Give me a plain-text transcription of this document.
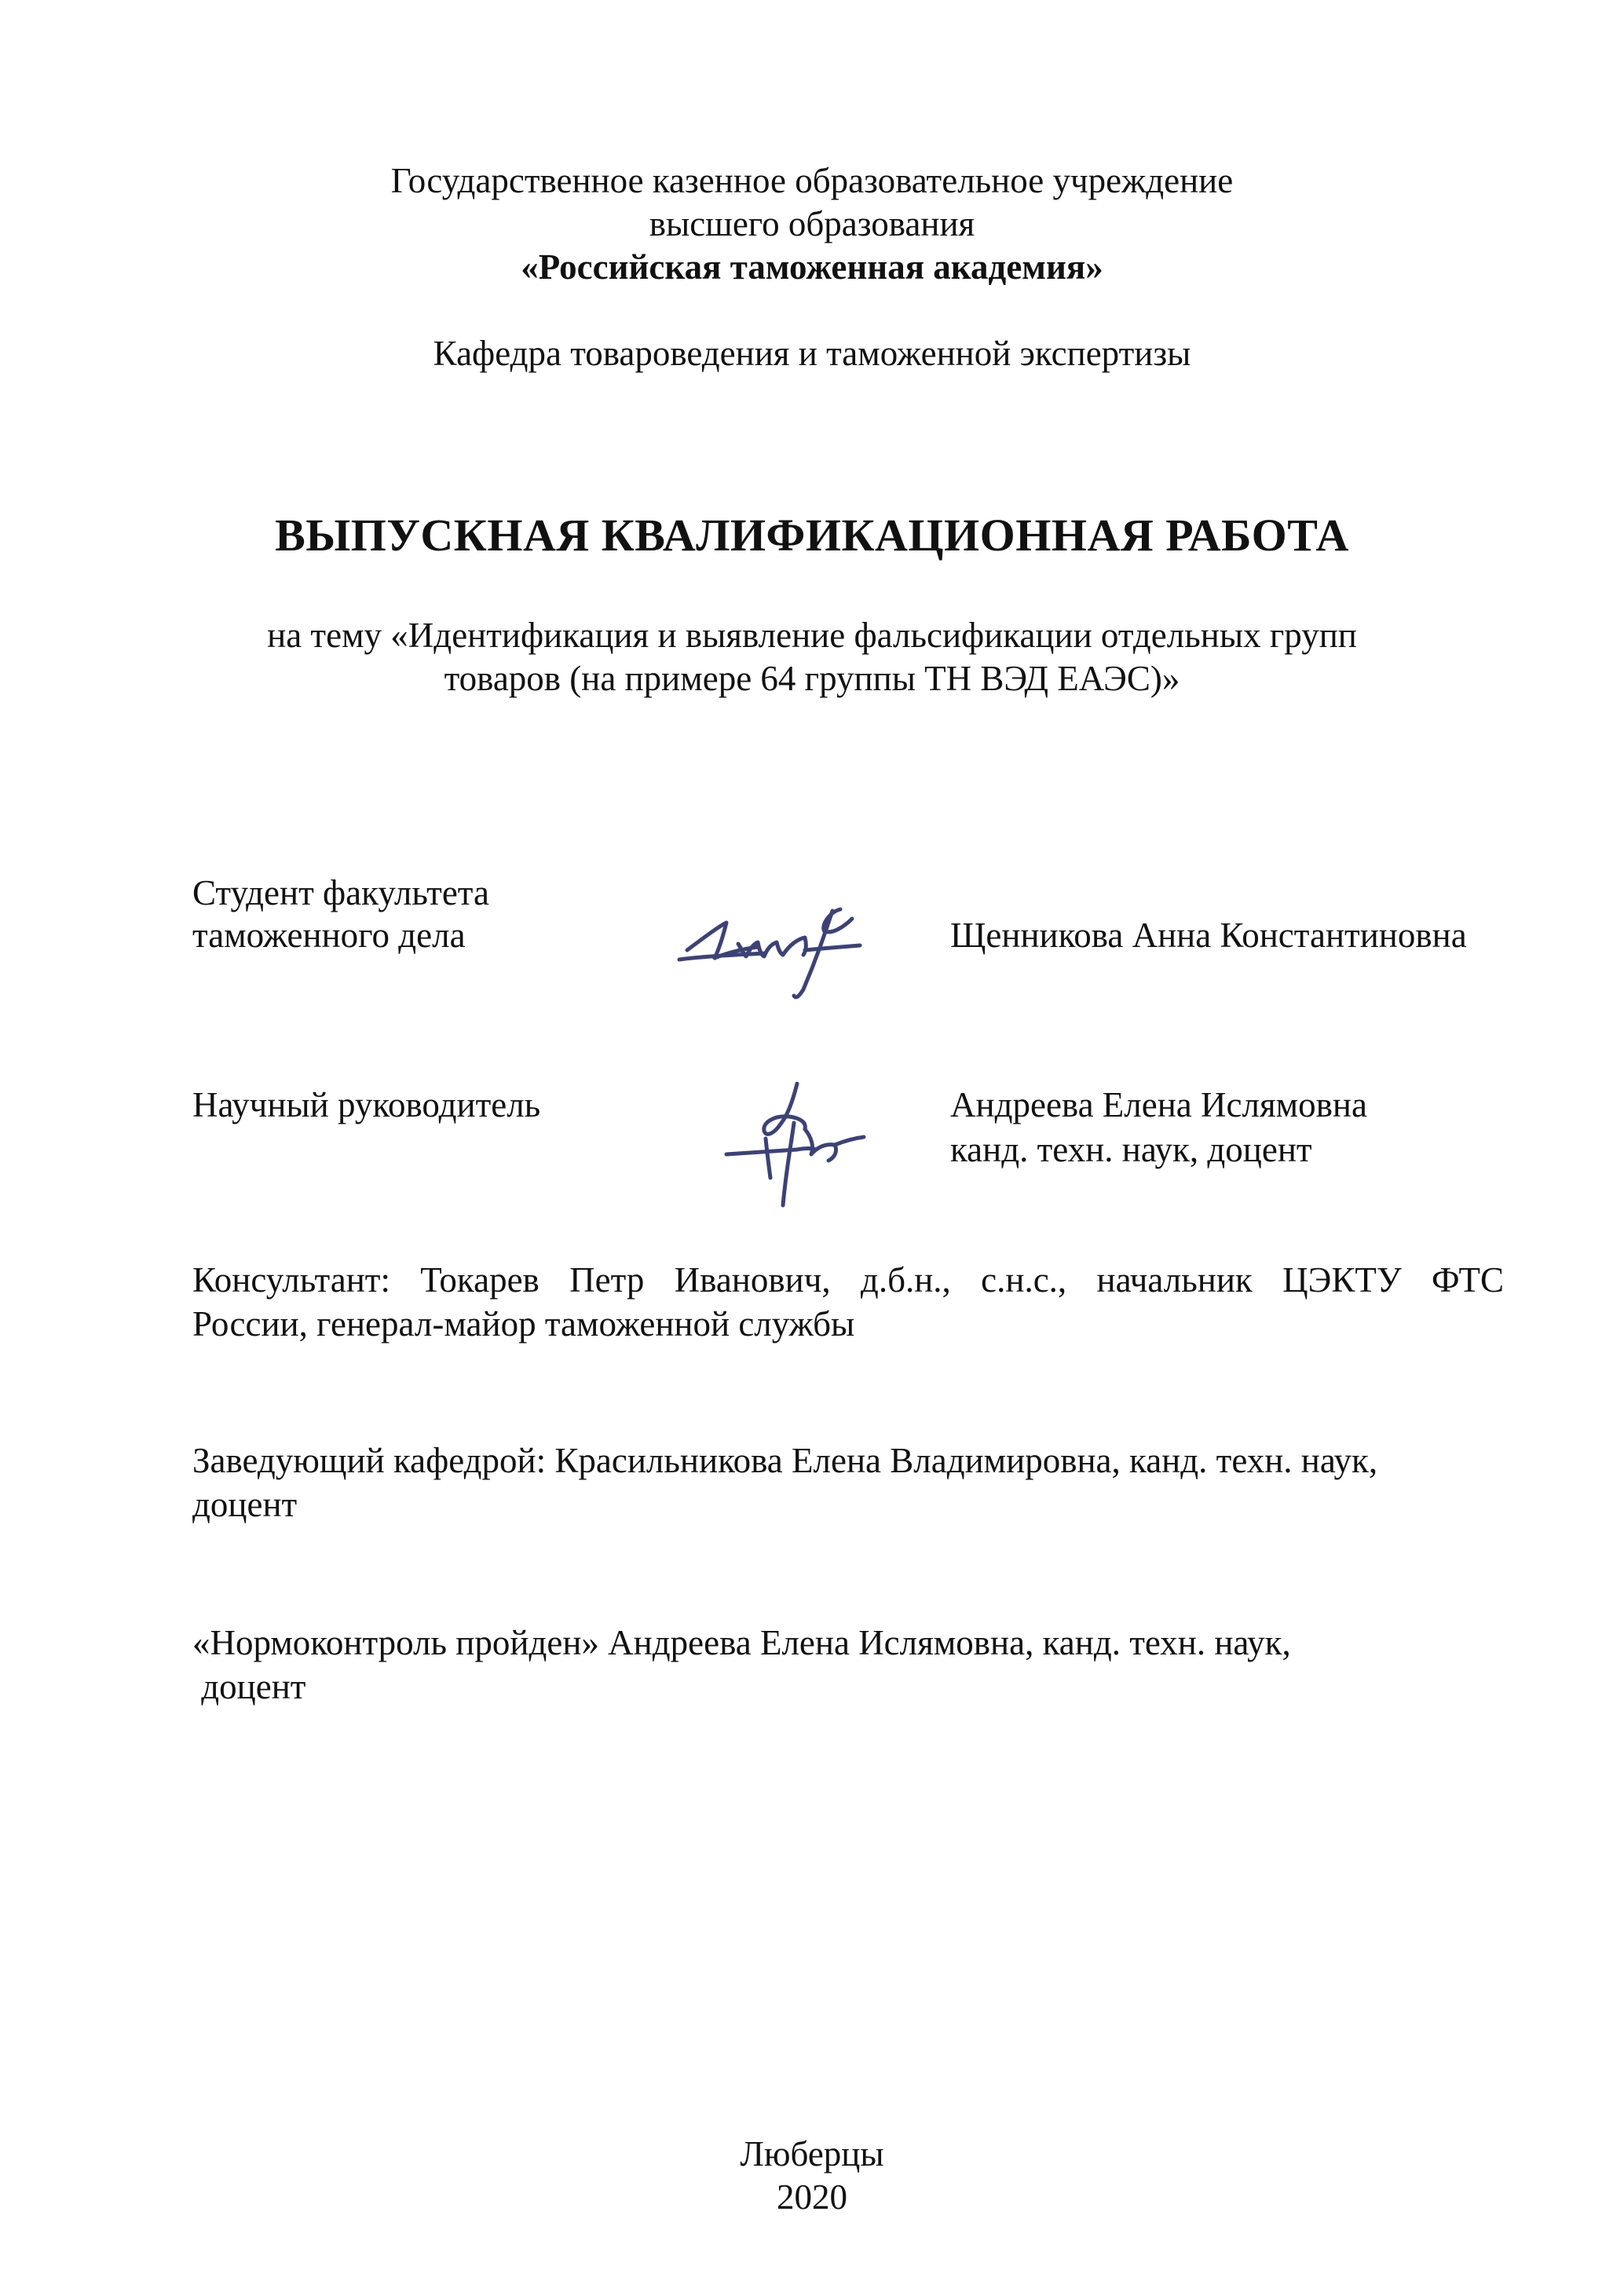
Государственное казенное образовательное учреждение
высшего образования
«Российская таможенная академия»
Кафедра товароведения и таможенной экспертизы
ВЫПУСКНАЯ КВАЛИФИКАЦИОННАЯ РАБОТА
на тему «Идентификация и выявление фальсификации отдельных групп
товаров (на примере 64 группы ТН ВЭД ЕАЭС)»
Студент факультета
таможенного дела	Щенникова Анна Константиновна
Научный руководитель	Андреева Елена Ислямовна
канд. техн. наук, доцент
Консультант: Токарев Петр Иванович, д.б.н., с.н.с., начальник ЦЭКТУ ФТС
России, генерал-майор таможенной службы
Заведующий кафедрой: Красильникова Елена Владимировна, канд. техн. наук,
доцент
«Нормоконтроль пройден» Андреева Елена Ислямовна, канд. техн. наук,
доцент
Люберцы
2020
